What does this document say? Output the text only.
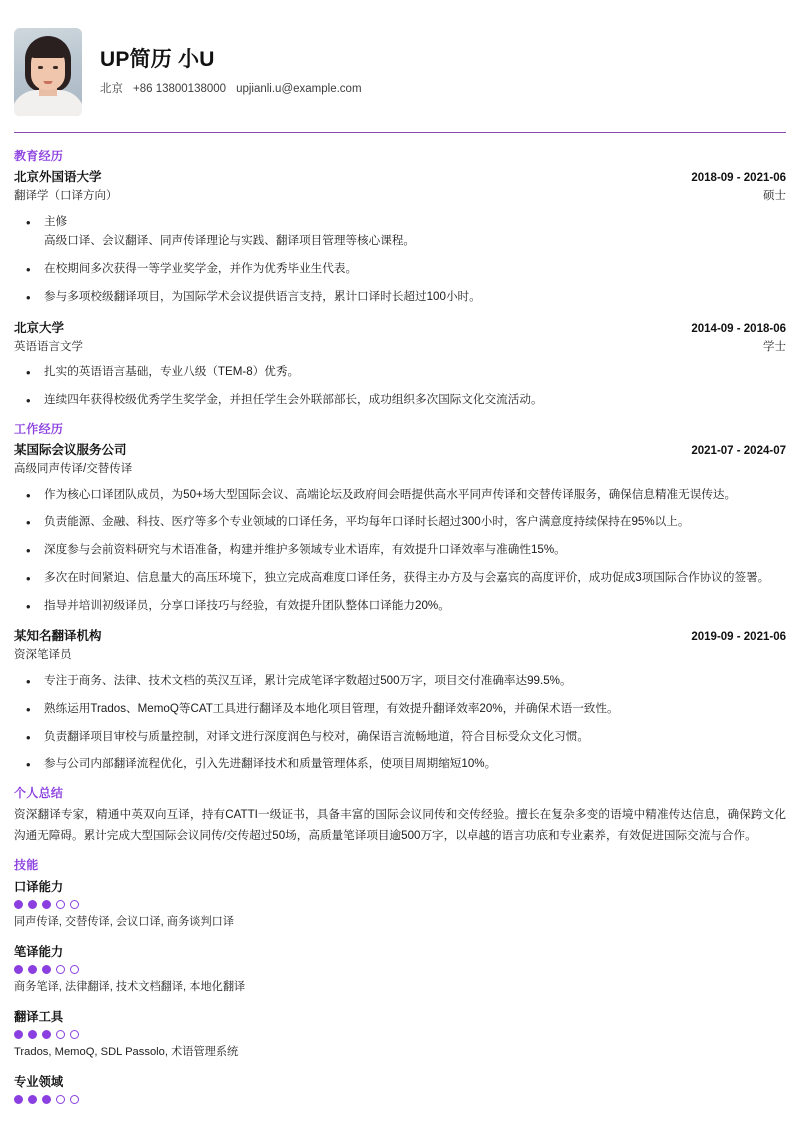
UP简历 小U
北京 +86 13800138000 upjianli.u@example.com
教育经历
北京外国语大学	2018-09 - 2021-06
翻译学（口译方向）	硕士
• 主修
高级口译、会议翻译、同声传译理论与实践、翻译项目管理等核心课程。
• 在校期间多次获得一等学业奖学金，并作为优秀毕业生代表。
• 参与多项校级翻译项目，为国际学术会议提供语言支持，累计口译时长超过100小时。
北京大学	2014-09 - 2018-06
英语语言文学	学士
• 扎实的英语语言基础，专业八级（TEM-8）优秀。
• 连续四年获得校级优秀学生奖学金，并担任学生会外联部部长，成功组织多次国际文化交流活动。
工作经历
某国际会议服务公司	2021-07 - 2024-07
高级同声传译/交替传译
• 作为核心口译团队成员，为50+场大型国际会议、高端论坛及政府间会晤提供高水平同声传译和交替传译服务，确保信息精准无误传达。
• 负责能源、金融、科技、医疗等多个专业领域的口译任务，平均每年口译时长超过300小时，客户满意度持续保持在95%以上。
• 深度参与会前资料研究与术语准备，构建并维护多领域专业术语库，有效提升口译效率与准确性15%。
• 多次在时间紧迫、信息量大的高压环境下，独立完成高难度口译任务，获得主办方及与会嘉宾的高度评价，成功促成3项国际合作协议的签署。
• 指导并培训初级译员，分享口译技巧与经验，有效提升团队整体口译能力20%。
某知名翻译机构	2019-09 - 2021-06
资深笔译员
• 专注于商务、法律、技术文档的英汉互译，累计完成笔译字数超过500万字，项目交付准确率达99.5%。
• 熟练运用Trados、MemoQ等CAT工具进行翻译及本地化项目管理，有效提升翻译效率20%，并确保术语一致性。
• 负责翻译项目审校与质量控制，对译文进行深度润色与校对，确保语言流畅地道，符合目标受众文化习惯。
• 参与公司内部翻译流程优化，引入先进翻译技术和质量管理体系，使项目周期缩短10%。
个人总结
资深翻译专家，精通中英双向互译，持有CATTI一级证书，具备丰富的国际会议同传和交传经验。擅长在复杂多变的语境中精准传达信息，确保跨文化沟通无障碍。累计完成大型国际会议同传/交传超过50场，高质量笔译项目逾500万字，以卓越的语言功底和专业素养，有效促进国际交流与合作。
技能
口译能力
同声传译, 交替传译, 会议口译, 商务谈判口译
笔译能力
商务笔译, 法律翻译, 技术文档翻译, 本地化翻译
翻译工具
Trados, MemoQ, SDL Passolo, 术语管理系统
专业领域
